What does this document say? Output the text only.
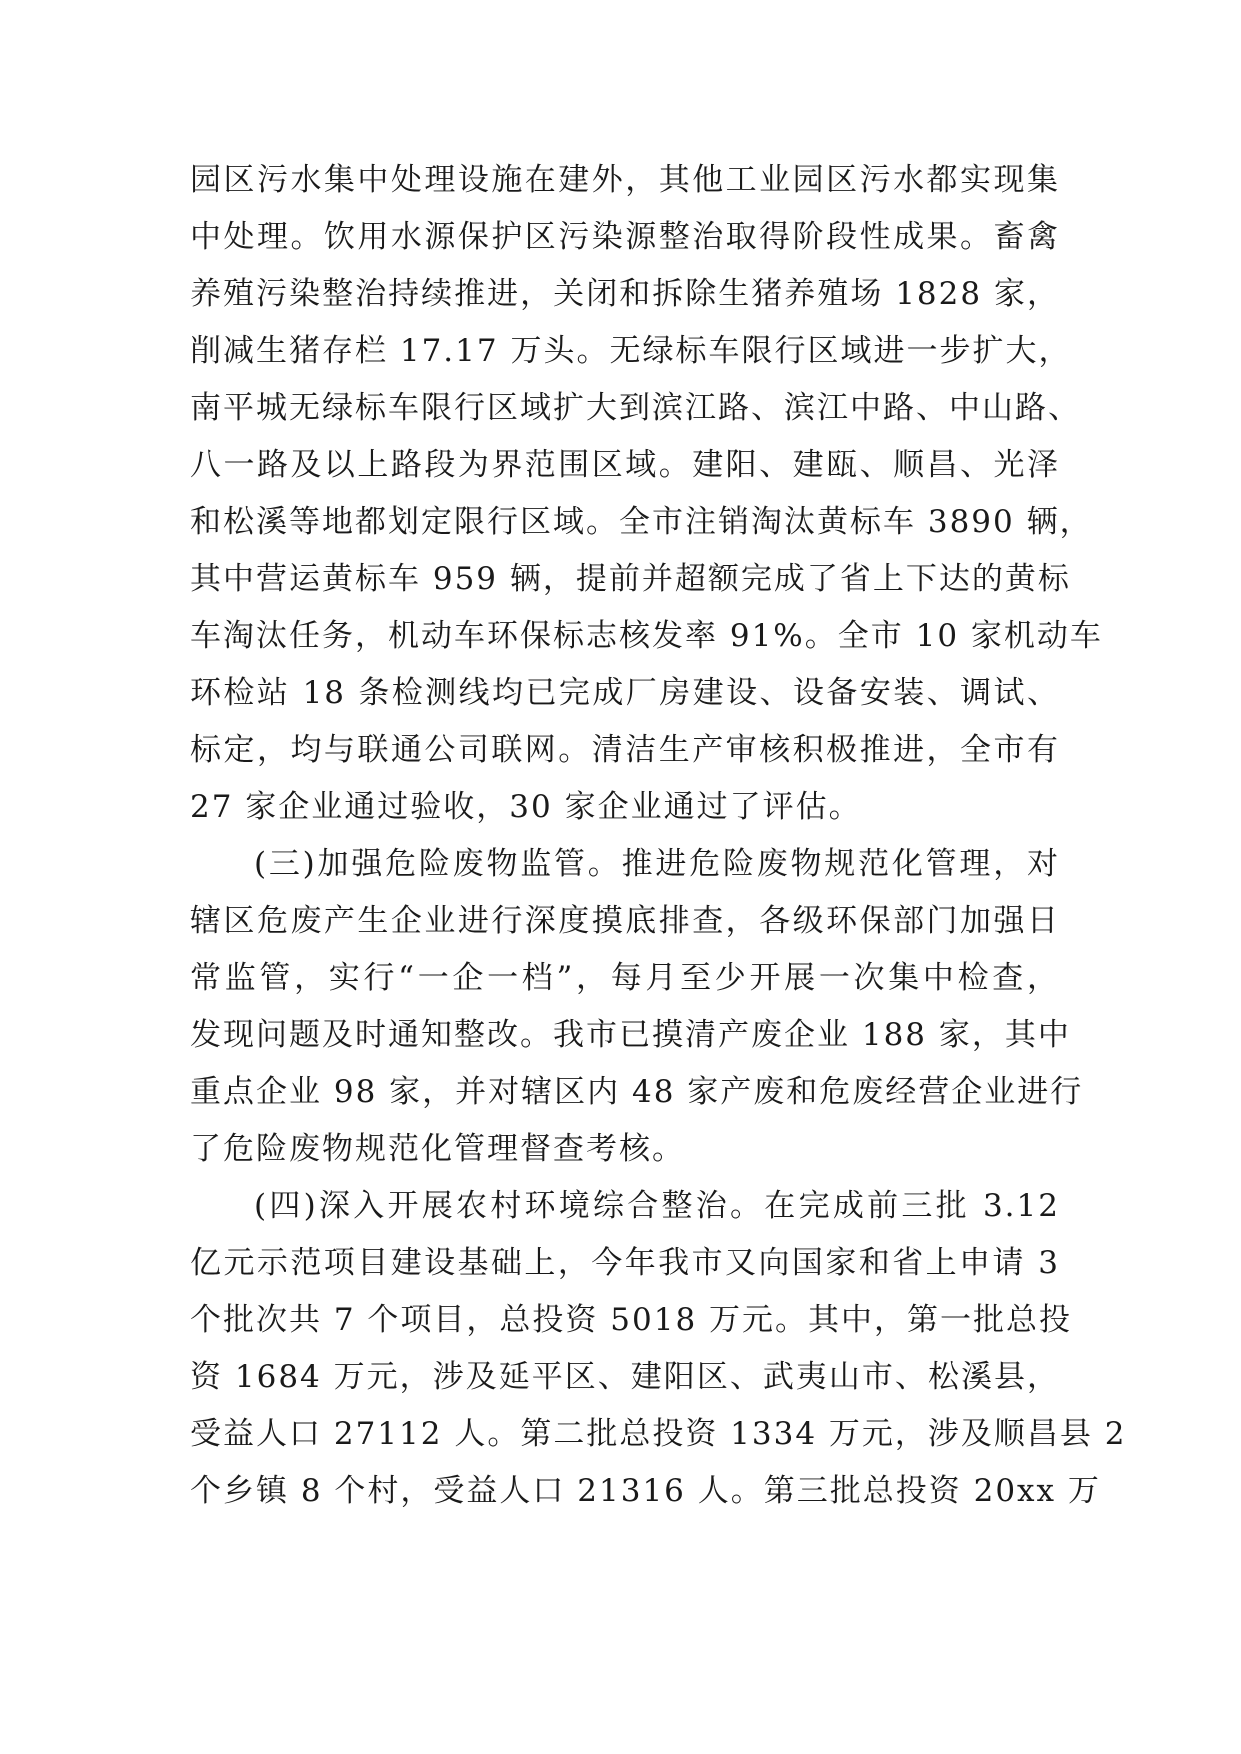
园区污水集中处理设施在建外，其他工业园区污水都实现集
中处理。饮用水源保护区污染源整治取得阶段性成果。畜禽
养殖污染整治持续推进，关闭和拆除生猪养殖场 1828 家，
削减生猪存栏 17.17 万头。无绿标车限行区域进一步扩大，
南平城无绿标车限行区域扩大到滨江路、滨江中路、中山路、
八一路及以上路段为界范围区域。建阳、建瓯、顺昌、光泽
和松溪等地都划定限行区域。全市注销淘汰黄标车 3890 辆，
其中营运黄标车 959 辆，提前并超额完成了省上下达的黄标
车淘汰任务，机动车环保标志核发率 91%。全市 10 家机动车
环检站 18 条检测线均已完成厂房建设、设备安装、调试、
标定，均与联通公司联网。清洁生产审核积极推进，全市有
27 家企业通过验收，30 家企业通过了评估。
(三)加强危险废物监管。推进危险废物规范化管理，对
辖区危废产生企业进行深度摸底排查，各级环保部门加强日
常监管，实行“一企一档”，每月至少开展一次集中检查，
发现问题及时通知整改。我市已摸清产废企业 188 家，其中
重点企业 98 家，并对辖区内 48 家产废和危废经营企业进行
了危险废物规范化管理督查考核。
(四)深入开展农村环境综合整治。在完成前三批 3.12
亿元示范项目建设基础上，今年我市又向国家和省上申请 3
个批次共 7 个项目，总投资 5018 万元。其中，第一批总投
资 1684 万元，涉及延平区、建阳区、武夷山市、松溪县，
受益人口 27112 人。第二批总投资 1334 万元，涉及顺昌县 2
个乡镇 8 个村，受益人口 21316 人。第三批总投资 20xx 万
